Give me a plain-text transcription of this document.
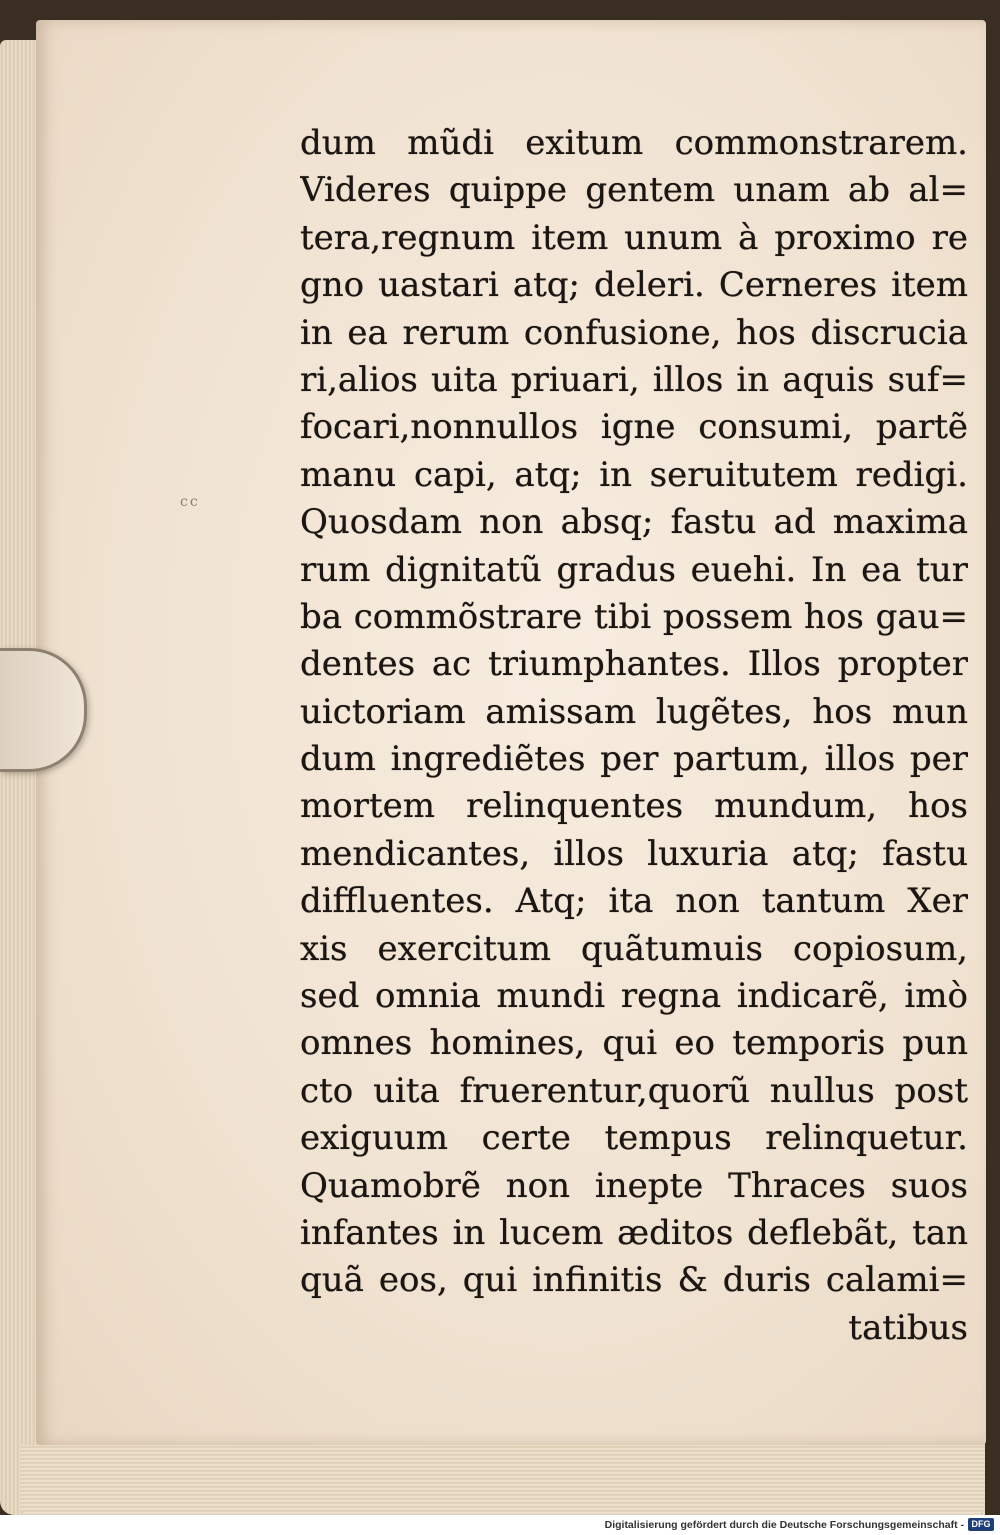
cc
dum mũdi exitum commonstrarem.
Videres quippe gentem unam ab al=
tera,regnum item unum à proximo re
gno uastari atq; deleri. Cerneres item
in ea rerum confusione, hos discrucia
ri,alios uita priuari, illos in aquis suf=
focari,nonnullos igne consumi, partẽ
manu capi, atq; in seruitutem redigi.
Quosdam non absq; fastu ad maxima
rum dignitatũ gradus euehi. In ea tur
ba commõstrare tibi possem hos gau=
dentes ac triumphantes. Illos propter
uictoriam amissam lugẽtes, hos mun
dum ingrediẽtes per partum, illos per
mortem relinquentes mundum, hos
mendicantes, illos luxuria atq; fastu
diffluentes. Atq; ita non tantum Xer
xis exercitum quãtumuis copiosum,
sed omnia mundi regna indicarẽ, imò
omnes homines, qui eo temporis pun
cto uita fruerentur,quorũ nullus post
exiguum certe tempus relinquetur.
Quamobrẽ non inepte Thraces suos
infantes in lucem æditos deflebãt, tan
quã eos, qui infinitis & duris calami=
tatibus
Digitalisierung gefördert durch die Deutsche Forschungsgemeinschaft - DFG
